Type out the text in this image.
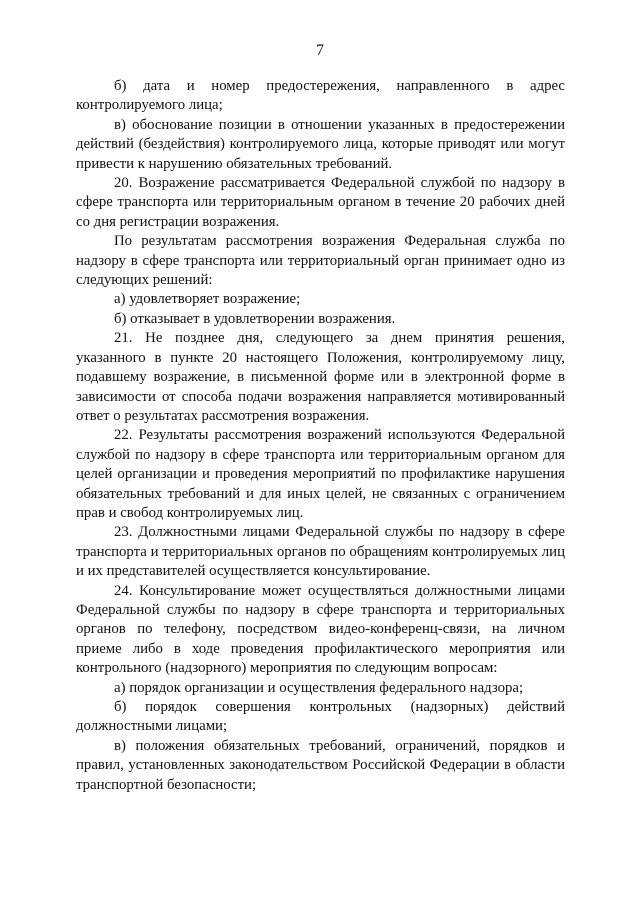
7

б) дата и номер предостережения, направленного в адрес контролируемого лица;

в) обоснование позиции в отношении указанных в предостережении действий (бездействия) контролируемого лица, которые приводят или могут привести к нарушению обязательных требований.

20. Возражение рассматривается Федеральной службой по надзору в сфере транспорта или территориальным органом в течение 20 рабочих дней со дня регистрации возражения.

По результатам рассмотрения возражения Федеральная служба по надзору в сфере транспорта или территориальный орган принимает одно из следующих решений:

а) удовлетворяет возражение;

б) отказывает в удовлетворении возражения.

21. Не позднее дня, следующего за днем принятия решения, указанного в пункте 20 настоящего Положения, контролируемому лицу, подавшему возражение, в письменной форме или в электронной форме в зависимости от способа подачи возражения направляется мотивированный ответ о результатах рассмотрения возражения.

22. Результаты рассмотрения возражений используются Федеральной службой по надзору в сфере транспорта или территориальным органом для целей организации и проведения мероприятий по профилактике нарушения обязательных требований и для иных целей, не связанных с ограничением прав и свобод контролируемых лиц.

23. Должностными лицами Федеральной службы по надзору в сфере транспорта и территориальных органов по обращениям контролируемых лиц и их представителей осуществляется консультирование.

24. Консультирование может осуществляться должностными лицами Федеральной службы по надзору в сфере транспорта и территориальных органов по телефону, посредством видео-конференц-связи, на личном приеме либо в ходе проведения профилактического мероприятия или контрольного (надзорного) мероприятия по следующим вопросам:

а) порядок организации и осуществления федерального надзора;

б) порядок совершения контрольных (надзорных) действий должностными лицами;

в) положения обязательных требований, ограничений, порядков и правил, установленных законодательством Российской Федерации в области транспортной безопасности;
